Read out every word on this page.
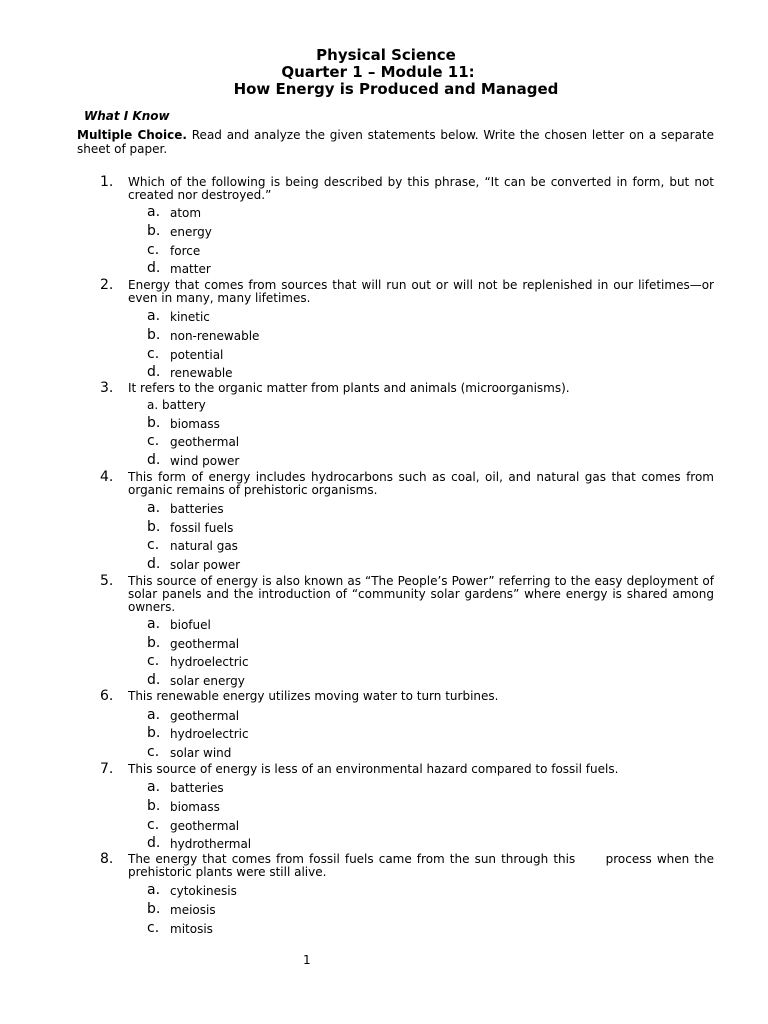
Physical Science
Quarter 1 – Module 11:
How Energy is Produced and Managed
What I Know
Multiple Choice. Read and analyze the given statements below. Write the chosen letter on a separate sheet of paper.
1. Which of the following is being described by this phrase, “It can be converted in form, but not created nor destroyed.”
a. atom
b. energy
c. force
d. matter
2. Energy that comes from sources that will run out or will not be replenished in our lifetimes—or even in many, many lifetimes.
a. kinetic
b. non-renewable
c. potential
d. renewable
3. It refers to the organic matter from plants and animals (microorganisms).
a. battery
b. biomass
c. geothermal
d. wind power
4. This form of energy includes hydrocarbons such as coal, oil, and natural gas that comes from organic remains of prehistoric organisms.
a. batteries
b. fossil fuels
c. natural gas
d. solar power
5. This source of energy is also known as “The People’s Power” referring to the easy deployment of solar panels and the introduction of “community solar gardens” where energy is shared among owners.
a. biofuel
b. geothermal
c. hydroelectric
d. solar energy
6. This renewable energy utilizes moving water to turn turbines.
a. geothermal
b. hydroelectric
c. solar wind
7. This source of energy is less of an environmental hazard compared to fossil fuels.
a. batteries
b. biomass
c. geothermal
d. hydrothermal
8. The energy that comes from fossil fuels came from the sun through this      process when the prehistoric plants were still alive.
a. cytokinesis
b. meiosis
c. mitosis
1
